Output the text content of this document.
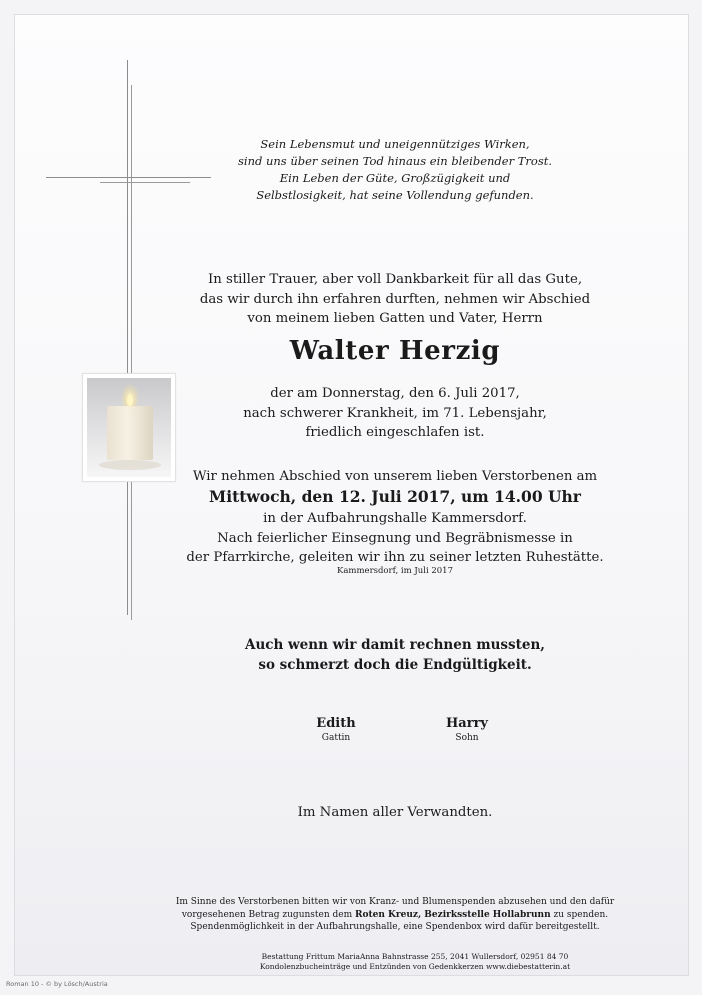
Sein Lebensmut und uneigennütziges Wirken,
sind uns über seinen Tod hinaus ein bleibender Trost.
Ein Leben der Güte, Großzügigkeit und
Selbstlosigkeit, hat seine Vollendung gefunden.
In stiller Trauer, aber voll Dankbarkeit für all das Gute,
das wir durch ihn erfahren durften, nehmen wir Abschied
von meinem lieben Gatten und Vater, Herrn
Walter Herzig
der am Donnerstag, den 6. Juli 2017,
nach schwerer Krankheit, im 71. Lebensjahr,
friedlich eingeschlafen ist.
Wir nehmen Abschied von unserem lieben Verstorbenen am
Mittwoch, den 12. Juli 2017, um 14.00 Uhr
in der Aufbahrungshalle Kammersdorf.
Nach feierlicher Einsegnung und Begräbnismesse in
der Pfarrkirche, geleiten wir ihn zu seiner letzten Ruhestätte.
Kammersdorf, im Juli 2017
Auch wenn wir damit rechnen mussten,
so schmerzt doch die Endgültigkeit.
Edith
Gattin
Harry
Sohn
Im Namen aller Verwandten.
Im Sinne des Verstorbenen bitten wir von Kranz- und Blumenspenden abzusehen und den dafür
vorgesehenen Betrag zugunsten dem Roten Kreuz, Bezirksstelle Hollabrunn zu spenden.
Spendenmöglichkeit in der Aufbahrungshalle, eine Spendenbox wird dafür bereitgestellt.
Bestattung Frittum MariaAnna Bahnstrasse 255, 2041 Wullersdorf, 02951 84 70
Kondolenzbucheinträge und Entzünden von Gedenkkerzen www.diebestatterin.at
Roman 10 - © by Lösch/Austria
